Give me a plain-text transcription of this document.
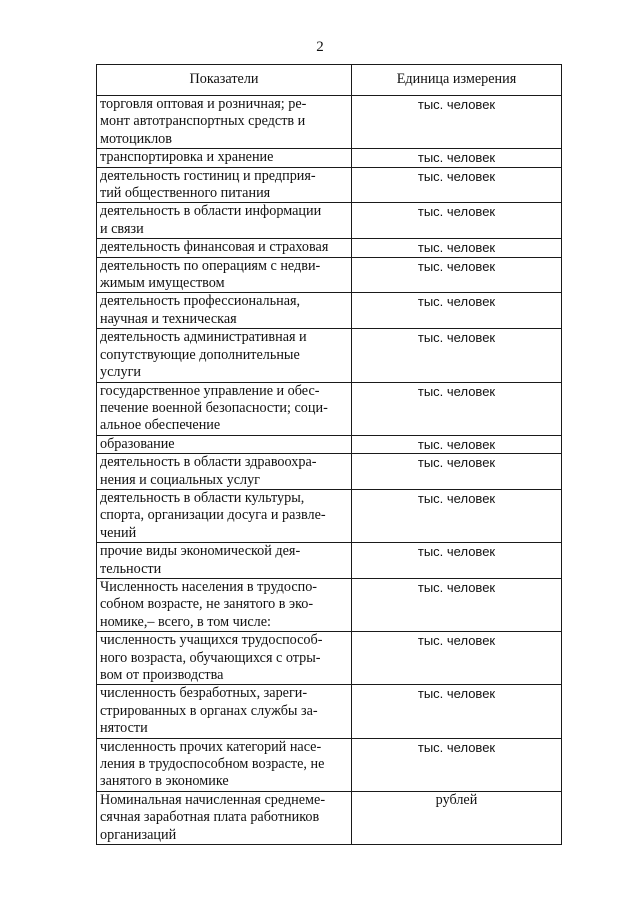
2
Показатели	Единица измерения
торговля оптовая и розничная; ре-
монт автотранспортных средств и
мотоциклов	тыс. человек
транспортировка и хранение	тыс. человек
деятельность гостиниц и предприя-
тий общественного питания	тыс. человек
деятельность в области информации
и связи	тыс. человек
деятельность финансовая и страховая	тыс. человек
деятельность по операциям с недви-
жимым имуществом	тыс. человек
деятельность профессиональная,
научная и техническая	тыс. человек
деятельность административная и
сопутствующие дополнительные
услуги	тыс. человек
государственное управление и обес-
печение военной безопасности; соци-
альное обеспечение	тыс. человек
образование	тыс. человек
деятельность в области здравоохра-
нения и социальных услуг	тыс. человек
деятельность в области культуры,
спорта, организации досуга и развле-
чений	тыс. человек
прочие виды экономической дея-
тельности	тыс. человек
Численность населения в трудоспо-
собном возрасте, не занятого в эко-
номике,– всего, в том числе:	тыс. человек
численность учащихся трудоспособ-
ного возраста, обучающихся с отры-
вом от производства	тыс. человек
численность безработных, зареги-
стрированных в органах службы за-
нятости	тыс. человек
численность прочих категорий насе-
ления в трудоспособном возрасте, не
занятого в экономике	тыс. человек
Номинальная начисленная среднеме-
сячная заработная плата работников
организаций	рублей
